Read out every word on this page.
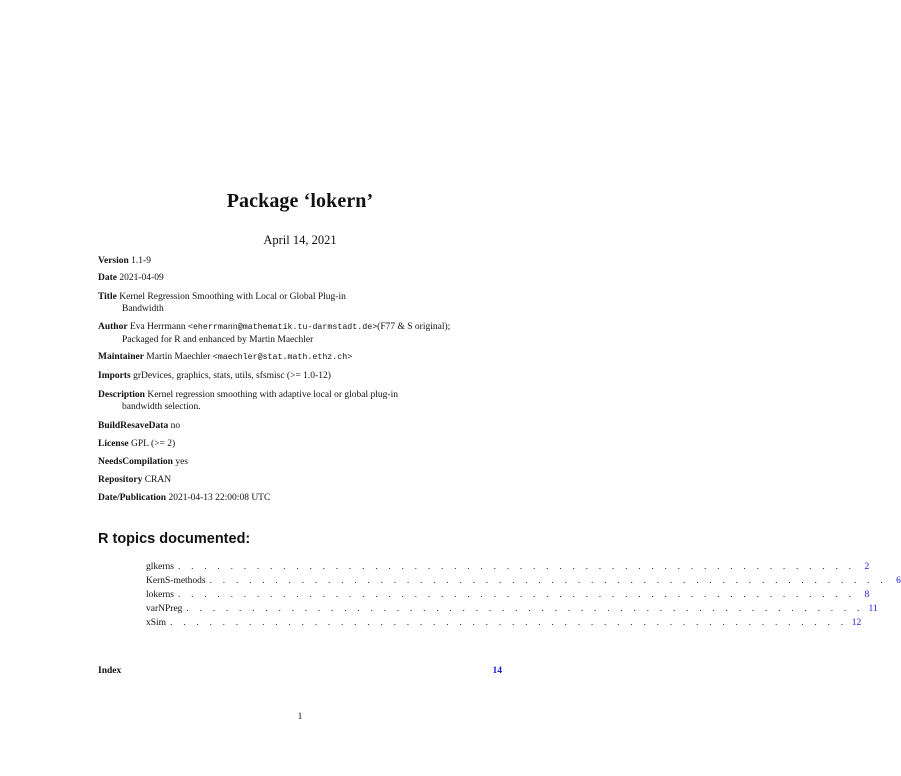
Package ‘lokern’
April 14, 2021
Version 1.1-9
Date 2021-04-09
Title Kernel Regression Smoothing with Local or Global Plug-in
Bandwidth
Author Eva Herrmann <eherrmann@mathematik.tu-darmstadt.de>(F77 & S original);
Packaged for R and enhanced by Martin Maechler
Maintainer Martin Maechler <maechler@stat.math.ethz.ch>
Imports grDevices, graphics, stats, utils, sfsmisc (>= 1.0-12)
Description Kernel regression smoothing with adaptive local or global plug-in
bandwidth selection.
BuildResaveData no
License GPL (>= 2)
NeedsCompilation yes
Repository CRAN
Date/Publication 2021-04-13 22:00:08 UTC
R topics documented:
glkerns . . . . . . . . . . . . . . . . . . . . . . . . . . . . . . . . . . . . . . . . . . . . . . . . . . . . 2
KernS-methods . . . . . . . . . . . . . . . . . . . . . . . . . . . . . . . . . . . . . . . . . . . . . . . . . . . . 6
lokerns . . . . . . . . . . . . . . . . . . . . . . . . . . . . . . . . . . . . . . . . . . . . . . . . . . . . 8
varNPreg . . . . . . . . . . . . . . . . . . . . . . . . . . . . . . . . . . . . . . . . . . . . . . . . . . . . 11
xSim . . . . . . . . . . . . . . . . . . . . . . . . . . . . . . . . . . . . . . . . . . . . . . . . . . . . 12
Index	14
1
